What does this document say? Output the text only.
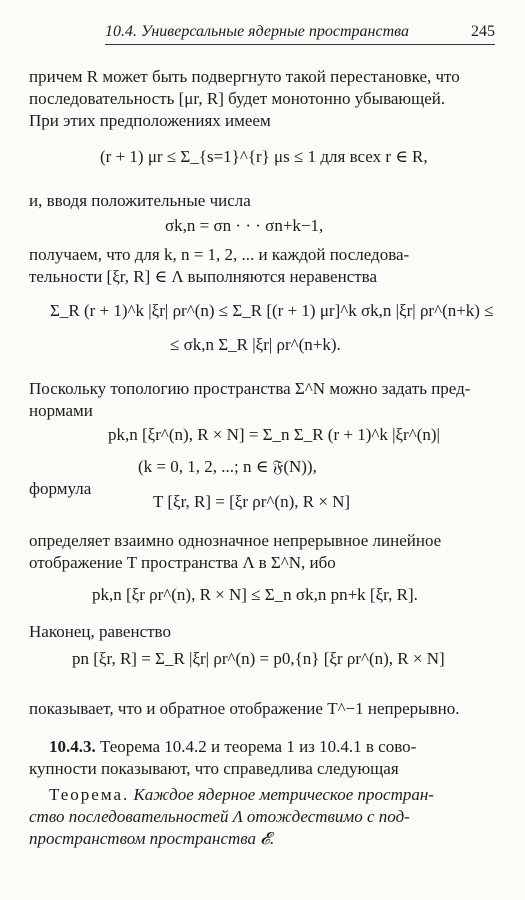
10.4. Универсальные ядерные пространства	245
причем R может быть подвергнуто такой перестановке, что
последовательность [μr, R] будет монотонно убывающей.
При этих предположениях имеем
(r + 1) μr ≤ Σ_{s=1}^{r} μs ≤ 1 для всех r ∈ R,
и, вводя положительные числа
σk,n = σn · · · σn+k−1,
получаем, что для k, n = 1, 2, ... и каждой последова-
тельности [ξr, R] ∈ Λ выполняются неравенства
Σ_R (r + 1)^k |ξr| ρr^(n) ≤ Σ_R [(r + 1) μr]^k σk,n |ξr| ρr^(n+k) ≤
≤ σk,n Σ_R |ξr| ρr^(n+k).
Поскольку топологию пространства Σ^N можно задать пред-
нормами
pk,n [ξr^(n), R × N] = Σ_n Σ_R (r + 1)^k |ξr^(n)|
(k = 0, 1, 2, ...; n ∈ 𝔉(N)),
формула
T [ξr, R] = [ξr ρr^(n), R × N]
определяет взаимно однозначное непрерывное линейное
отображение T пространства Λ в Σ^N, ибо
pk,n [ξr ρr^(n), R × N] ≤ Σ_n σk,n pn+k [ξr, R].
Наконец, равенство
pn [ξr, R] = Σ_R |ξr| ρr^(n) = p0,{n} [ξr ρr^(n), R × N]
показывает, что и обратное отображение T^−1 непрерывно.
10.4.3. Теорема 10.4.2 и теорема 1 из 10.4.1 в сово-
купности показывают, что справедлива следующая
Теорема. Каждое ядерное метрическое простран-
ство последовательностей Λ отождествимо с под-
пространством пространства 𝓔.
